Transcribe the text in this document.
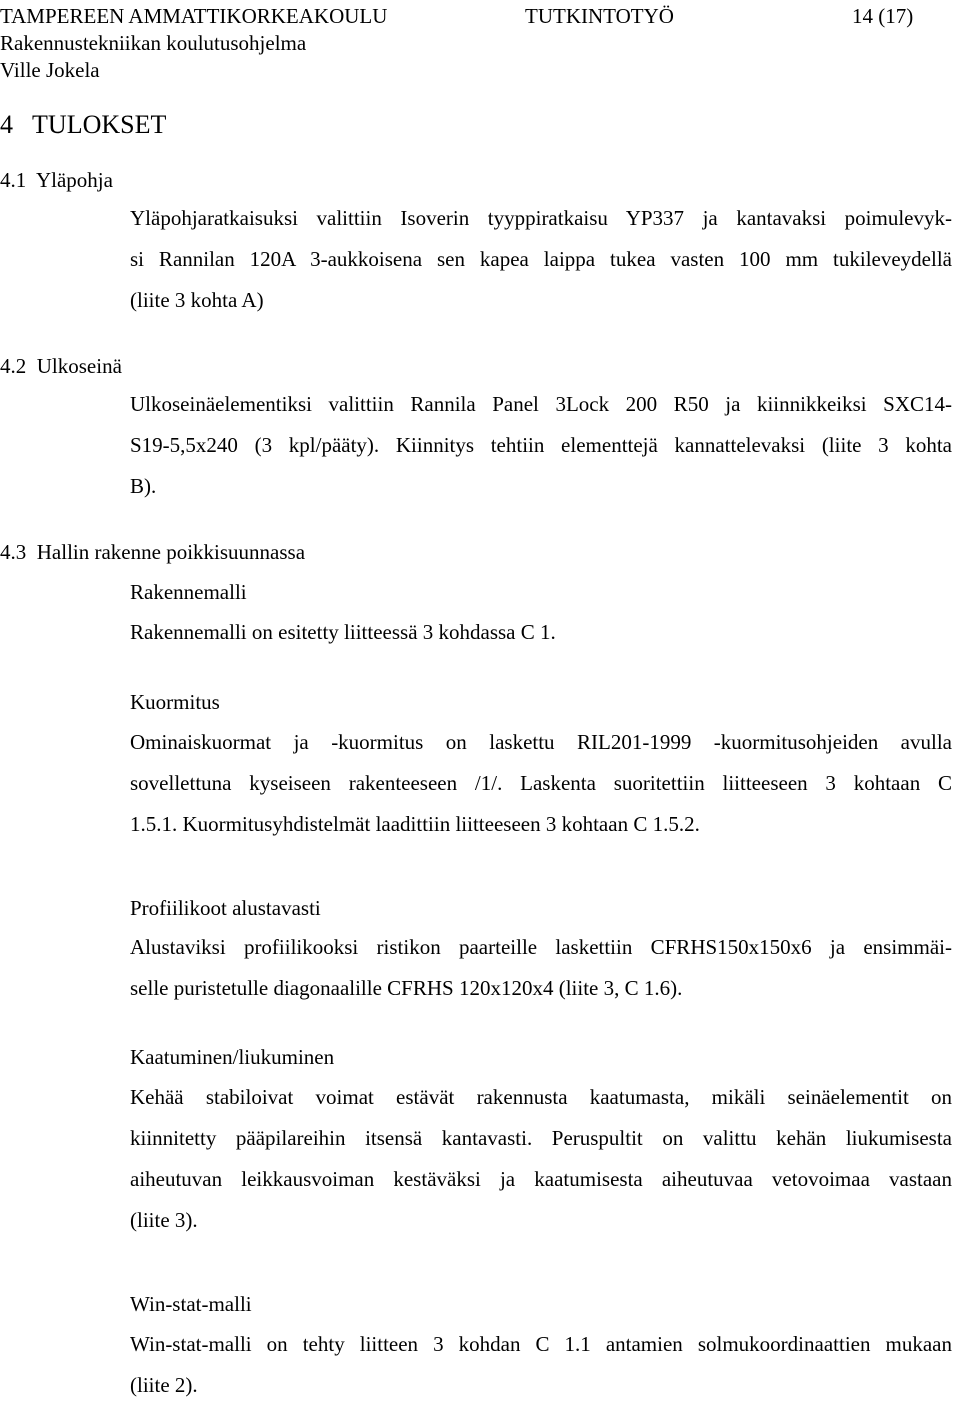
TAMPEREEN AMMATTIKORKEAKOULU	TUTKINTOTYÖ	14 (17)
Rakennustekniikan koulutusohjelma
Ville Jokela
4   TULOKSET
4.1  Yläpohja
Yläpohjaratkaisuksi valittiin Isoverin tyyppiratkaisu YP337 ja kantavaksi poimulevyk-
si Rannilan 120A 3-aukkoisena sen kapea laippa tukea vasten 100 mm tukileveydellä
(liite 3 kohta A)
4.2  Ulkoseinä
Ulkoseinäelementiksi valittiin Rannila Panel 3Lock 200 R50 ja kiinnikkeiksi SXC14-
S19-5,5x240 (3 kpl/pääty). Kiinnitys tehtiin elementtejä kannattelevaksi (liite 3 kohta
B).
4.3  Hallin rakenne poikkisuunnassa
Rakennemalli
Rakennemalli on esitetty liitteessä 3 kohdassa C 1.
Kuormitus
Ominaiskuormat ja -kuormitus on laskettu RIL201-1999 -kuormitusohjeiden avulla
sovellettuna kyseiseen rakenteeseen /1/. Laskenta suoritettiin liitteeseen 3 kohtaan C
1.5.1. Kuormitusyhdistelmät laadittiin liitteeseen 3 kohtaan C 1.5.2.
Profiilikoot alustavasti
Alustaviksi profiilikooksi ristikon paarteille laskettiin CFRHS150x150x6 ja ensimmäi-
selle puristetulle diagonaalille CFRHS 120x120x4 (liite 3, C 1.6).
Kaatuminen/liukuminen
Kehää stabiloivat voimat estävät rakennusta kaatumasta, mikäli seinäelementit on
kiinnitetty pääpilareihin itsensä kantavasti. Peruspultit on valittu kehän liukumisesta
aiheutuvan leikkausvoiman kestäväksi ja kaatumisesta aiheutuvaa vetovoimaa vastaan
(liite 3).
Win-stat-malli
Win-stat-malli on tehty liitteen 3 kohdan C 1.1 antamien solmukoordinaattien mukaan
(liite 2).
